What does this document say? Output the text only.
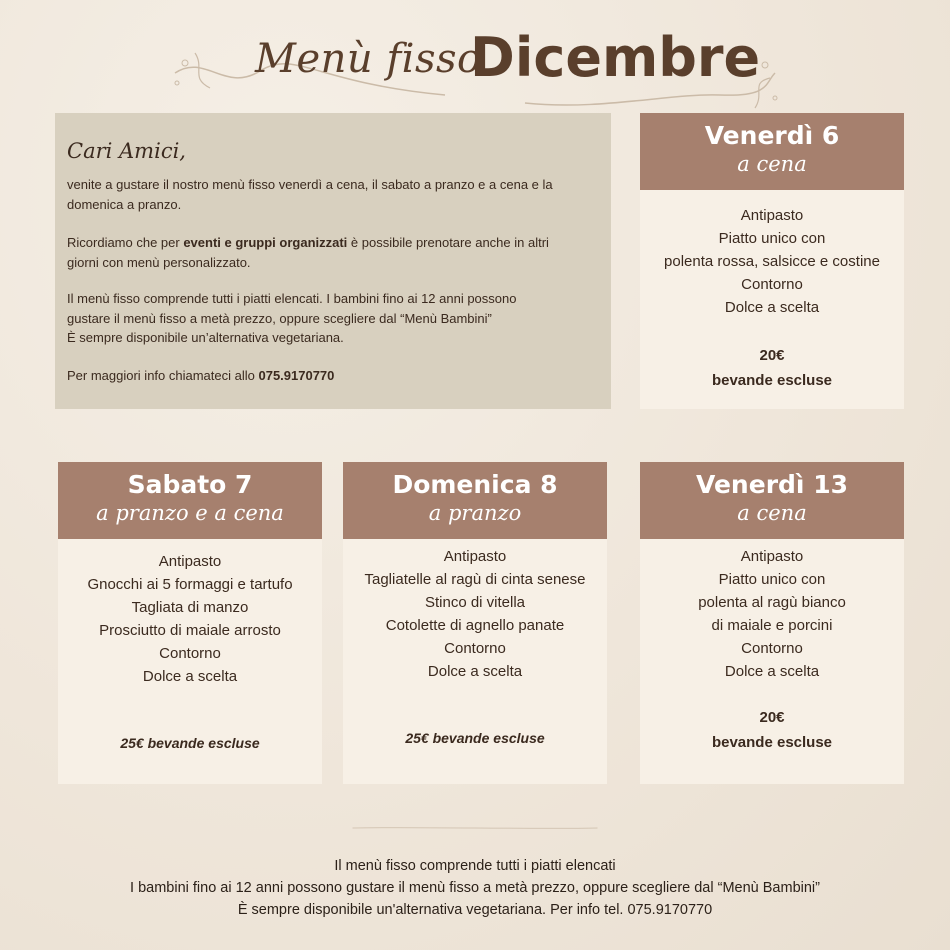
Menù fisso
Dicembre
Cari Amici,
venite a gustare il nostro menù fisso venerdì a cena, il sabato a pranzo e a cena e la domenica a pranzo.
Ricordiamo che per eventi e gruppi organizzati è possibile prenotare anche in altri giorni con menù personalizzato.
Il menù fisso comprende tutti i piatti elencati. I bambini fino ai 12 anni possono
gustare il menù fisso a metà prezzo, oppure scegliere dal “Menù Bambini”
È sempre disponibile un’alternativa vegetariana.
Per maggiori info chiamateci allo 075.9170770
Venerdì 6
a cena
Antipasto
Piatto unico con
polenta rossa, salsicce e costine
Contorno
Dolce a scelta
20€
bevande escluse
Sabato 7
a pranzo e a cena
Antipasto
Gnocchi ai 5 formaggi e tartufo
Tagliata di manzo
Prosciutto di maiale arrosto
Contorno
Dolce a scelta
25€ bevande escluse
Domenica 8
a pranzo
Antipasto
Tagliatelle al ragù di cinta senese
Stinco di vitella
Cotolette di agnello panate
Contorno
Dolce a scelta
25€ bevande escluse
Venerdì 13
a cena
Antipasto
Piatto unico con
polenta al ragù bianco
di maiale e porcini
Contorno
Dolce a scelta
20€
bevande escluse
Il menù fisso comprende tutti i piatti elencati
I bambini fino ai 12 anni possono gustare il menù fisso a metà prezzo, oppure scegliere dal “Menù Bambini”
È sempre disponibile un'alternativa vegetariana. Per info tel. 075.9170770
